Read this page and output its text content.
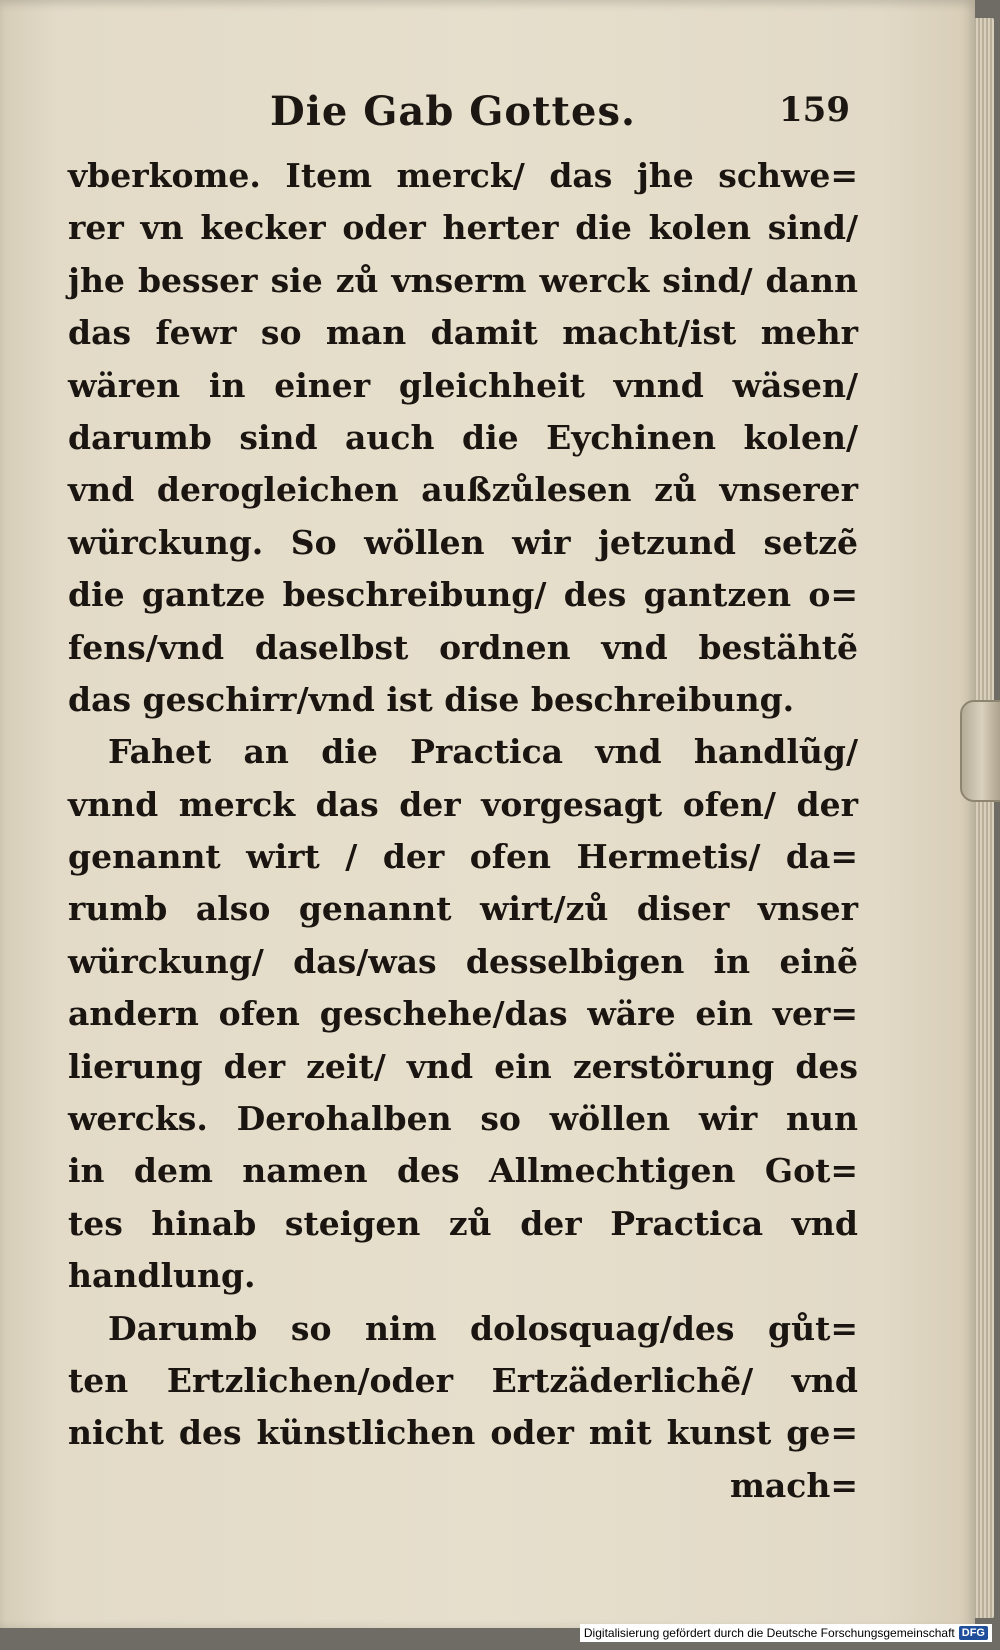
Die Gab Gottes.	159
vberkome. Item merck/ das jhe schwe=
rer vn kecker oder herter die kolen sind/
jhe besser sie zů vnserm werck sind/ dann
das fewr so man damit macht/ist mehr
wären in einer gleichheit vnnd wäsen/
darumb sind auch die Eychinen kolen/
vnd derogleichen außzůlesen zů vnserer
würckung. So wöllen wir jetzund setzẽ
die gantze beschreibung/ des gantzen o=
fens/vnd daselbst ordnen vnd bestähtẽ
das geschirr/vnd ist dise beschreibung.
Fahet an die Practica vnd handlũg/
vnnd merck das der vorgesagt ofen/ der
genannt wirt / der ofen Hermetis/ da=
rumb also genannt wirt/zů diser vnser
würckung/ das/was desselbigen in einẽ
andern ofen geschehe/das wäre ein ver=
lierung der zeit/ vnd ein zerstörung des
wercks. Derohalben so wöllen wir nun
in dem namen des Allmechtigen Got=
tes hinab steigen zů der Practica vnd
handlung.
Darumb so nim dolosquag/des gůt=
ten Ertzlichen/oder Ertzäderlichẽ/ vnd
nicht des künstlichen oder mit kunst ge=
mach=
Digitalisierung gefördert durch die Deutsche Forschungsgemeinschaft DFG
